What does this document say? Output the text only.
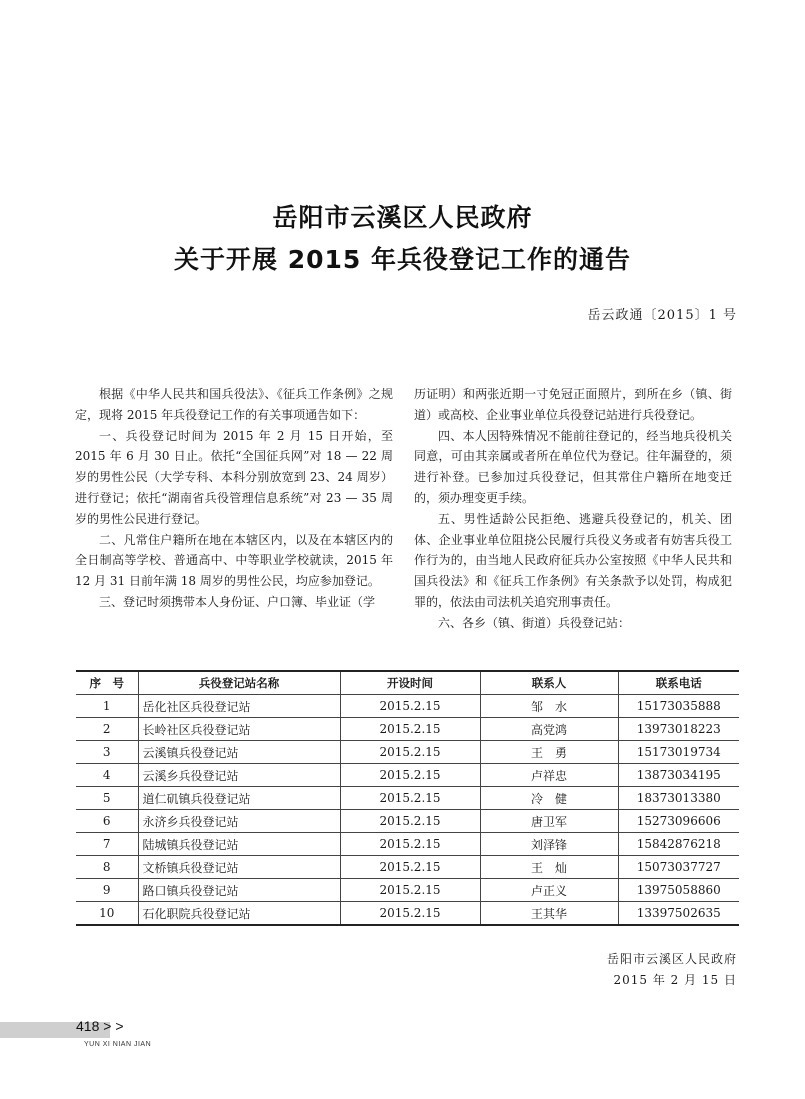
岳阳市云溪区人民政府
关于开展 2015 年兵役登记工作的通告
岳云政通〔2015〕1 号

根据《中华人民共和国兵役法》、《征兵工作条例》之规定，现将 2015 年兵役登记工作的有关事项通告如下：

一、兵役登记时间为 2015 年 2 月 15 日开始，至 2015 年 6 月 30 日止。依托“全国征兵网”对 18 — 22 周岁的男性公民（大学专科、本科分别放宽到 23、24 周岁）进行登记；依托“湖南省兵役管理信息系统”对 23 — 35 周岁的男性公民进行登记。

二、凡常住户籍所在地在本辖区内，以及在本辖区内的全日制高等学校、普通高中、中等职业学校就读，2015 年 12 月 31 日前年满 18 周岁的男性公民，均应参加登记。

三、登记时须携带本人身份证、户口簿、毕业证（学

历证明）和两张近期一寸免冠正面照片，到所在乡（镇、街道）或高校、企业事业单位兵役登记站进行兵役登记。

四、本人因特殊情况不能前往登记的，经当地兵役机关同意，可由其亲属或者所在单位代为登记。往年漏登的，须进行补登。已参加过兵役登记，但其常住户籍所在地变迁的，须办理变更手续。

五、男性适龄公民拒绝、逃避兵役登记的，机关、团体、企业事业单位阻挠公民履行兵役义务或者有妨害兵役工作行为的，由当地人民政府征兵办公室按照《中华人民共和国兵役法》和《征兵工作条例》有关条款予以处罚，构成犯罪的，依法由司法机关追究刑事责任。

六、各乡（镇、街道）兵役登记站：

序　号	兵役登记站名称	开设时间	联系人	联系电话
1	岳化社区兵役登记站	2015.2.15	邹　水	15173035888
2	长岭社区兵役登记站	2015.2.15	高党鸿	13973018223
3	云溪镇兵役登记站	2015.2.15	王　勇	15173019734
4	云溪乡兵役登记站	2015.2.15	卢祥忠	13873034195
5	道仁矶镇兵役登记站	2015.2.15	冷　健	18373013380
6	永济乡兵役登记站	2015.2.15	唐卫军	15273096606
7	陆城镇兵役登记站	2015.2.15	刘泽锋	15842876218
8	文桥镇兵役登记站	2015.2.15	王　灿	15073037727
9	路口镇兵役登记站	2015.2.15	卢正义	13975058860
10	石化职院兵役登记站	2015.2.15	王其华	13397502635
岳阳市云溪区人民政府
2015 年 2 月 15 日
418 > >
YUN XI NIAN JIAN
